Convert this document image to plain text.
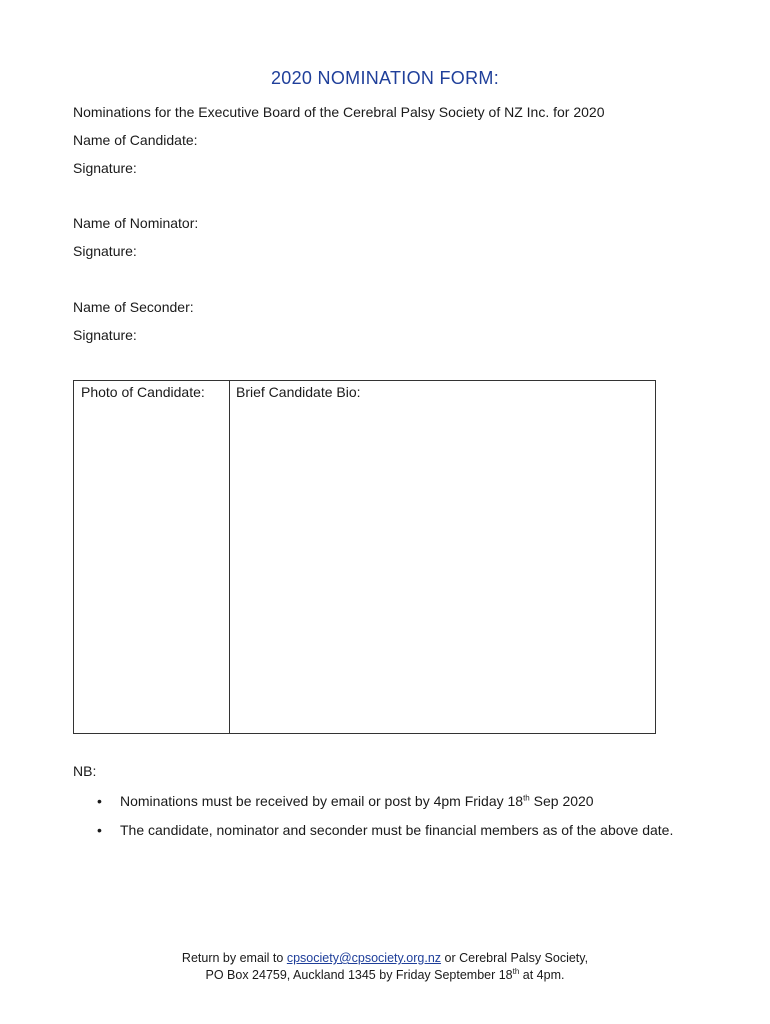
2020 NOMINATION FORM:
Nominations for the Executive Board of the Cerebral Palsy Society of NZ Inc. for 2020
Name of Candidate:
Signature:
Name of Nominator:
Signature:
Name of Seconder:
Signature:
Photo of Candidate: Brief Candidate Bio:
NB:
• Nominations must be received by email or post by 4pm Friday 18th Sep 2020
• The candidate, nominator and seconder must be financial members as of the above date.
Return by email to cpsociety@cpsociety.org.nz or Cerebral Palsy Society,
PO Box 24759, Auckland 1345 by Friday September 18th at 4pm.
